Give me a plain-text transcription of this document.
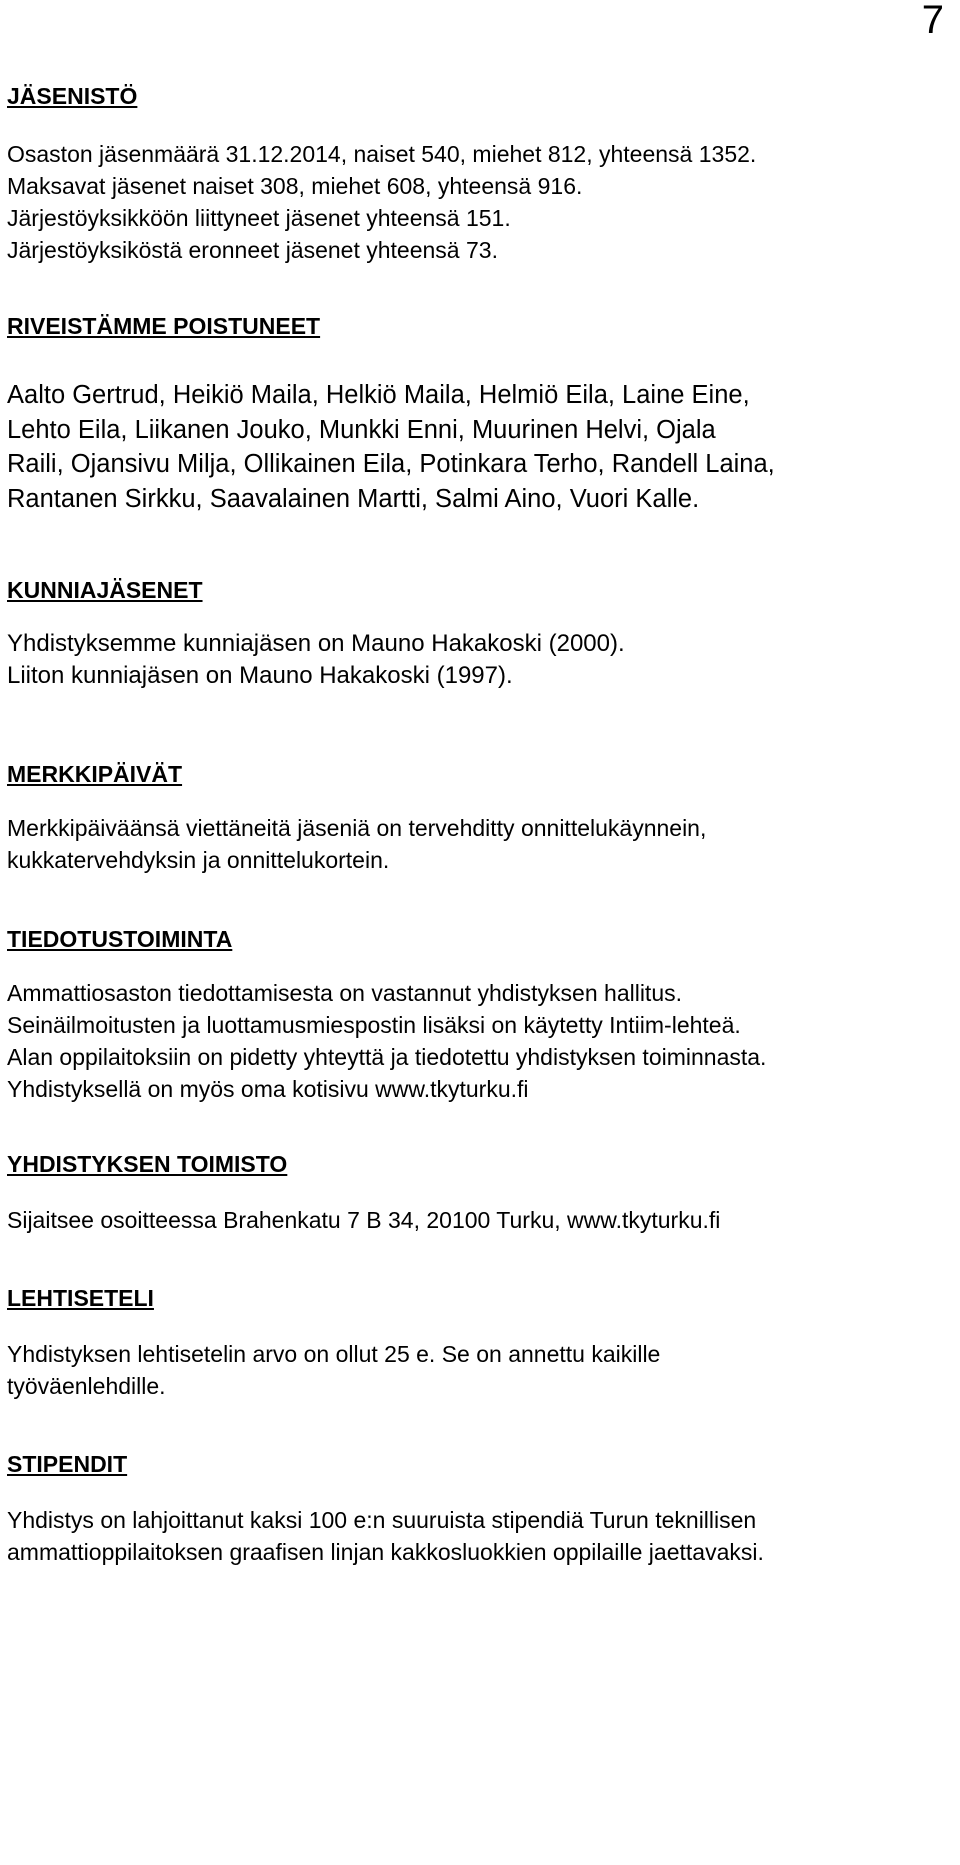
7
JÄSENISTÖ

Osaston jäsenmäärä 31.12.2014, naiset 540, miehet 812, yhteensä 1352.

Maksavat jäsenet naiset 308, miehet 608, yhteensä 916.

Järjestöyksikköön liittyneet jäsenet yhteensä 151.

Järjestöyksiköstä eronneet jäsenet yhteensä 73.

RIVEISTÄMME POISTUNEET

Aalto Gertrud, Heikiö Maila, Helkiö Maila, Helmiö Eila, Laine Eine,

Lehto Eila, Liikanen Jouko, Munkki Enni, Muurinen Helvi, Ojala

Raili, Ojansivu Milja, Ollikainen Eila, Potinkara Terho, Randell Laina,

Rantanen Sirkku, Saavalainen Martti, Salmi Aino, Vuori Kalle.

KUNNIAJÄSENET

Yhdistyksemme kunniajäsen on Mauno Hakakoski (2000).

Liiton kunniajäsen on Mauno Hakakoski (1997).

MERKKIPÄIVÄT

Merkkipäiväänsä viettäneitä jäseniä on tervehditty onnittelukäynnein,

kukkatervehdyksin ja onnittelukortein.

TIEDOTUSTOIMINTA

Ammattiosaston tiedottamisesta on vastannut yhdistyksen hallitus.

Seinäilmoitusten ja luottamusmiespostin lisäksi on käytetty Intiim-lehteä.

Alan oppilaitoksiin on pidetty yhteyttä ja tiedotettu yhdistyksen toiminnasta.

Yhdistyksellä on myös oma kotisivu www.tkyturku.fi

YHDISTYKSEN TOIMISTO

Sijaitsee osoitteessa Brahenkatu 7 B 34, 20100 Turku, www.tkyturku.fi

LEHTISETELI

Yhdistyksen lehtisetelin arvo on ollut 25 e. Se on annettu kaikille

työväenlehdille.

STIPENDIT

Yhdistys on lahjoittanut kaksi 100 e:n suuruista stipendiä Turun teknillisen

ammattioppilaitoksen graafisen linjan kakkosluokkien oppilaille jaettavaksi.
